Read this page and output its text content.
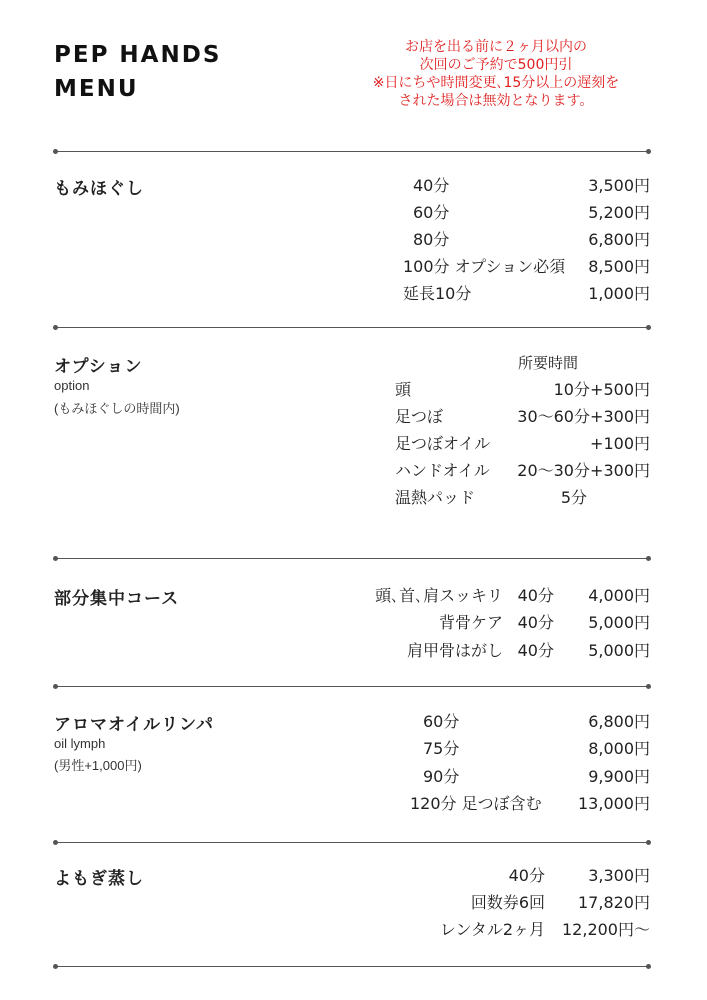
PEP HANDS
MENU
お店を出る前に２ヶ月以内の
次回のご予約で500円引
※日にちや時間変更､15分以上の遅刻を
された場合は無効となります。
もみほぐし	40分	3,500円
60分	5,200円
80分	6,800円
100分 オプション必須 8,500円
延長10分	1,000円
オプション
option
(もみほぐしの時間内)
所要時間
頭	10分 +500円
足つぼ	30〜60分 +300円
足つぼオイル	+100円
ハンドオイル 20〜30分 +300円
温熱パッド	5分
部分集中コース	頭､首､肩スッキリ 40分 4,000円
背骨ケア 40分 5,000円
肩甲骨はがし 40分 5,000円
アロマオイルリンパ
oil lymph
(男性+1,000円)
60分	6,800円
75分	8,000円
90分	9,900円
120分 足つぼ含む 13,000円
よもぎ蒸し	40分	3,300円
回数券6回 17,820円
レンタル2ヶ月 12,200円〜
